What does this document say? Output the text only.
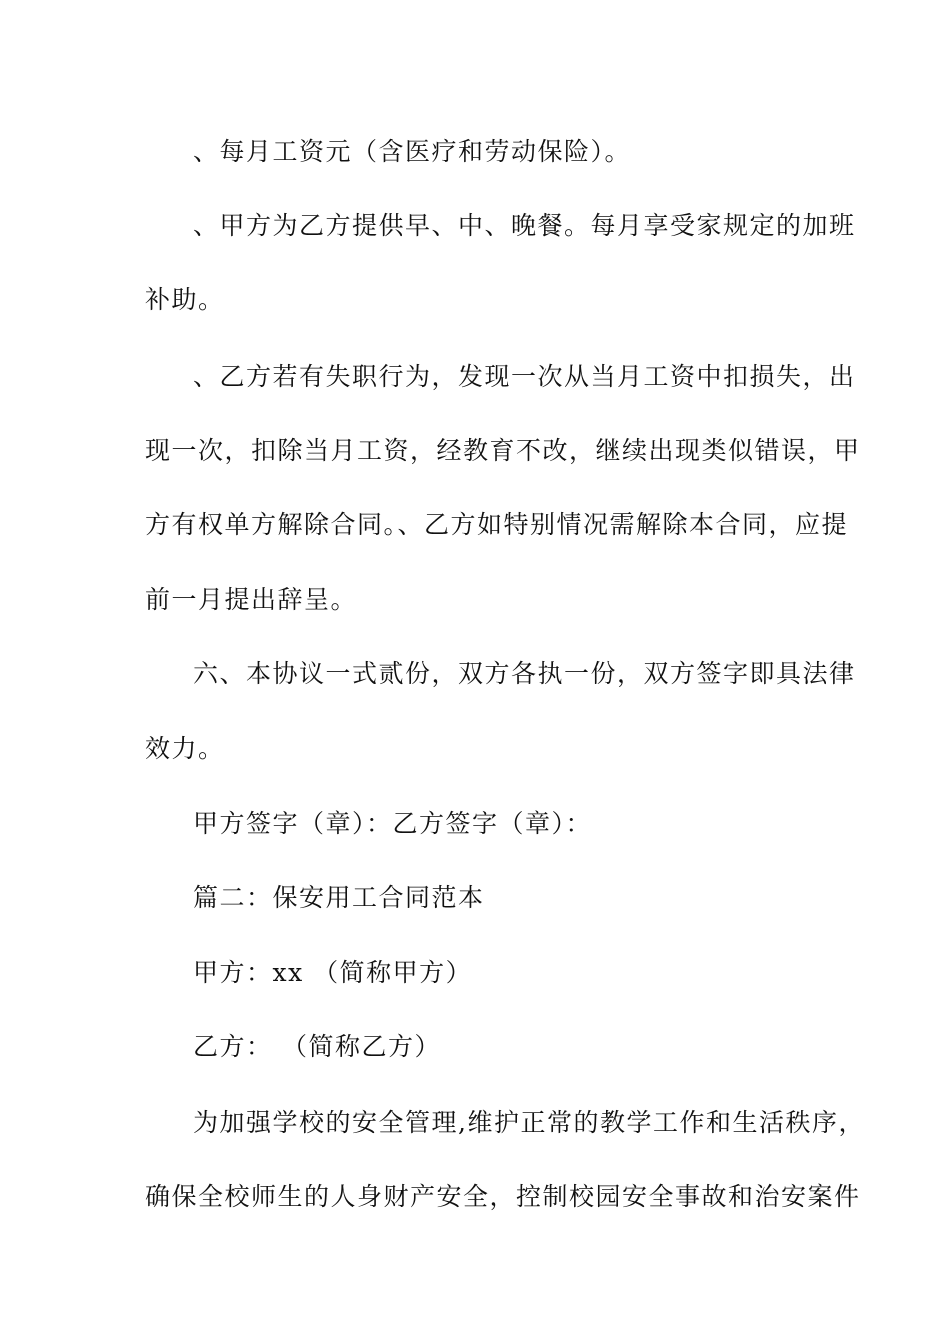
、每月工资元（含医疗和劳动保险）。
、甲方为乙方提供早、中、晚餐。每月享受家规定的加班
补助。
、乙方若有失职行为，发现一次从当月工资中扣损失，出
现一次，扣除当月工资，经教育不改，继续出现类似错误，甲
方有权单方解除合同。、乙方如特别情况需解除本合同，应提
前一月提出辞呈。
六、本协议一式贰份，双方各执一份，双方签字即具法律
效力。
甲方签字（章）：乙方签字（章）：
篇二：保安用工合同范本
甲方：xx （简称甲方）
乙方： （简称乙方）
为加强学校的安全管理,维护正常的教学工作和生活秩序，
确保全校师生的人身财产安全，控制校园安全事故和治安案件
